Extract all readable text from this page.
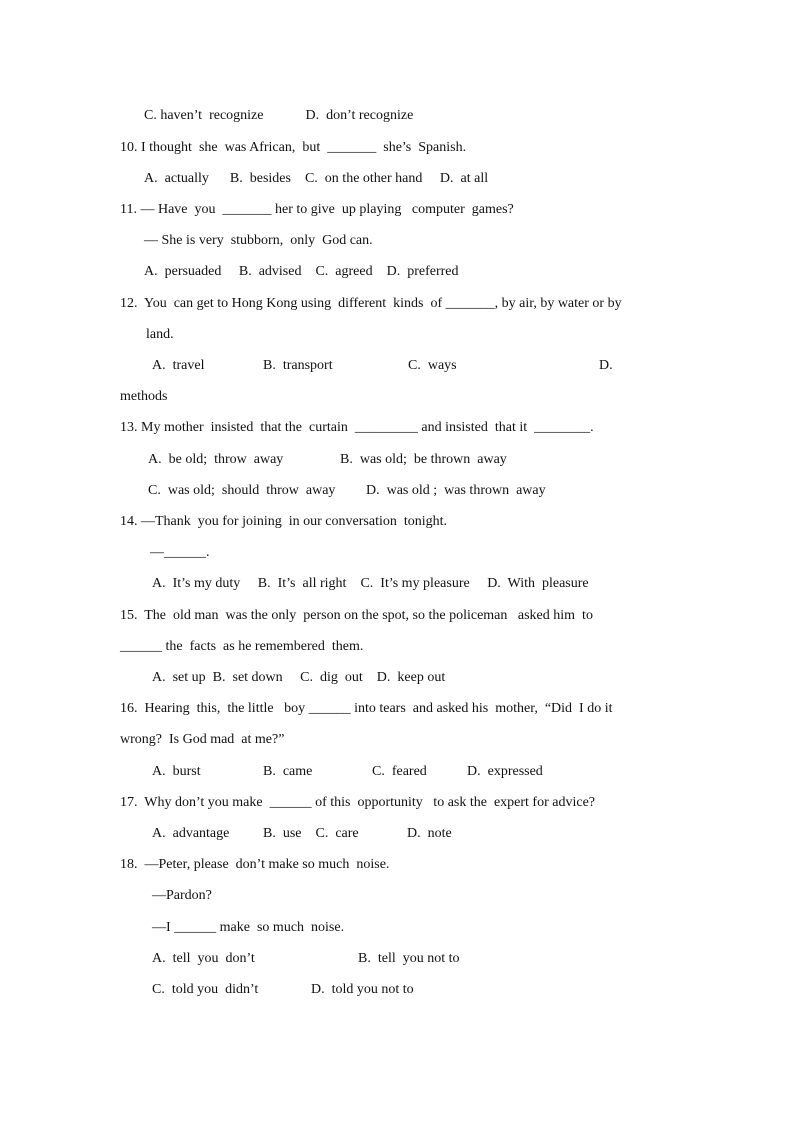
C. haven’t  recognize            D.  don’t recognize
10. I thought  she  was African,  but  _______  she’s  Spanish.
A.  actually      B.  besides    C.  on the other hand     D.  at all
11. — Have  you  _______ her to give  up playing   computer  games?
— She is very  stubborn,  only  God can.
A.  persuaded     B.  advised    C.  agreed    D.  preferred
12.  You  can get to Hong Kong using  different  kinds  of _______, by air, by water or by
land.
A.  travel	B.  transport	C.  ways	D.
methods
13. My mother  insisted  that the  curtain  _________ and insisted  that it  ________.
A.  be old;  throw  away	B.  was old;  be thrown  away
C.  was old;  should  throw  away D.  was old ;  was thrown  away
14. —Thank  you for joining  in our conversation  tonight.
—______.
A.  It’s my duty     B.  It’s  all right    C.  It’s my pleasure     D.  With  pleasure
15.  The  old man  was the only  person on the spot, so the policeman   asked him  to
______ the  facts  as he remembered  them.
A.  set up  B.  set down     C.  dig  out    D.  keep out
16.  Hearing  this,  the little   boy ______ into tears  and asked his  mother,  “Did  I do it
wrong?  Is God mad  at me?”
A.  burst	B.  came	C.  feared	D.  expressed
17.  Why don’t you make  ______ of this  opportunity   to ask the  expert for advice?
A.  advantage B.  use    C.  care	D.  note
18.  —Peter, please  don’t make so much  noise.
—Pardon?
—I ______ make  so much  noise.
A.  tell  you  don’t	B.  tell  you not to
C.  told you  didn’t	D.  told you not to
